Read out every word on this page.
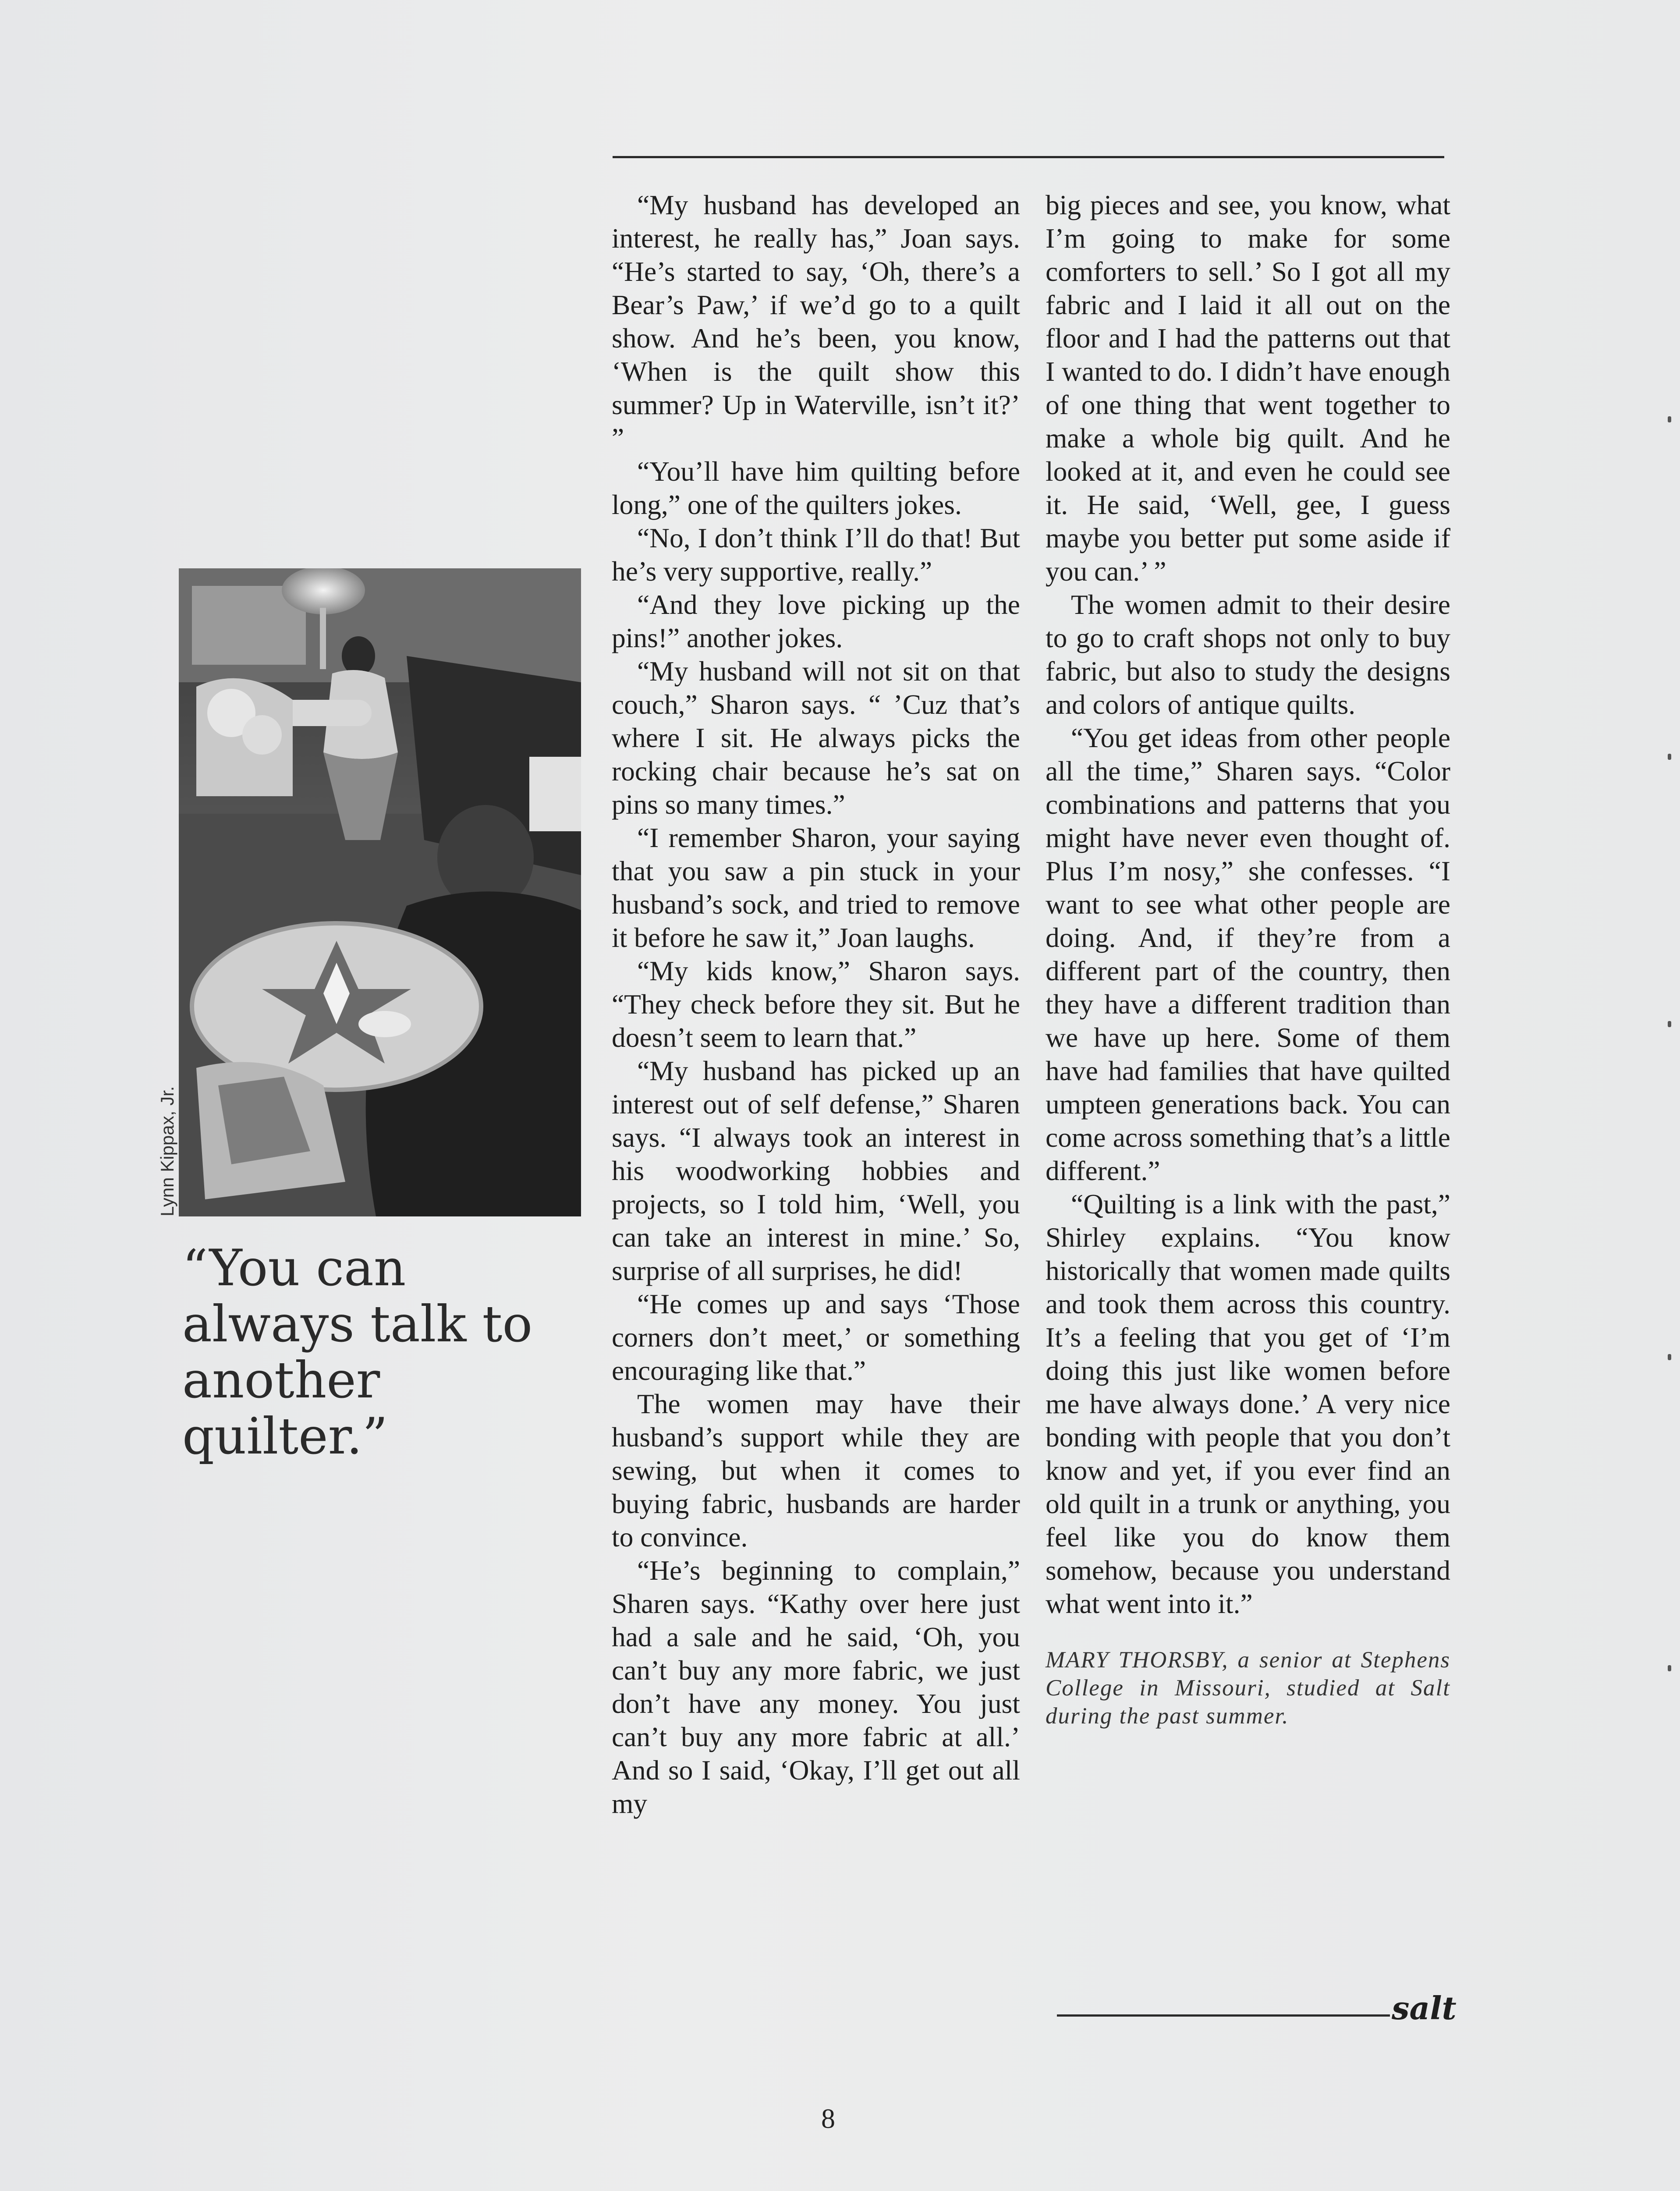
Lynn Kippax, Jr.

“You can always talk to another quilter.”

“My husband has developed an interest, he really has,” Joan says. “He’s started to say, ‘Oh, there’s a Bear’s Paw,’ if we’d go to a quilt show. And he’s been, you know, ‘When is the quilt show this summer? Up in Waterville, isn’t it?’ ”

“You’ll have him quilting before long,” one of the quilters jokes.

“No, I don’t think I’ll do that! But he’s very supportive, really.”

“And they love picking up the pins!” another jokes.

“My husband will not sit on that couch,” Sharon says. “ ’Cuz that’s where I sit. He always picks the rocking chair because he’s sat on pins so many times.”

“I remember Sharon, your saying that you saw a pin stuck in your husband’s sock, and tried to remove it before he saw it,” Joan laughs.

“My kids know,” Sharon says. “They check before they sit. But he doesn’t seem to learn that.”

“My husband has picked up an interest out of self defense,” Sharen says. “I always took an interest in his woodworking hobbies and projects, so I told him, ‘Well, you can take an interest in mine.’ So, surprise of all surprises, he did!

“He comes up and says ‘Those corners don’t meet,’ or something encouraging like that.”

The women may have their husband’s support while they are sewing, but when it comes to buying fabric, husbands are harder to convince.

“He’s beginning to complain,” Sharen says. “Kathy over here just had a sale and he said, ‘Oh, you can’t buy any more fabric, we just don’t have any money. You just can’t buy any more fabric at all.’ And so I said, ‘Okay, I’ll get out all my

big pieces and see, you know, what I’m going to make for some comforters to sell.’ So I got all my fabric and I laid it all out on the floor and I had the patterns out that I wanted to do. I didn’t have enough of one thing that went together to make a whole big quilt. And he looked at it, and even he could see it. He said, ‘Well, gee, I guess maybe you better put some aside if you can.’ ”

The women admit to their desire to go to craft shops not only to buy fabric, but also to study the designs and colors of antique quilts.

“You get ideas from other people all the time,” Sharen says. “Color combinations and patterns that you might have never even thought of. Plus I’m nosy,” she confesses. “I want to see what other people are doing. And, if they’re from a different part of the country, then they have a different tradition than we have up here. Some of them have had families that have quilted umpteen generations back. You can come across something that’s a little different.”

“Quilting is a link with the past,” Shirley explains. “You know historically that women made quilts and took them across this country. It’s a feeling that you get of ‘I’m doing this just like women before me have always done.’ A very nice bonding with people that you don’t know and yet, if you ever find an old quilt in a trunk or anything, you feel like you do know them somehow, because you understand what went into it.”

MARY THORSBY, a senior at Stephens College in Missouri, studied at Salt during the past summer.

salt
8
